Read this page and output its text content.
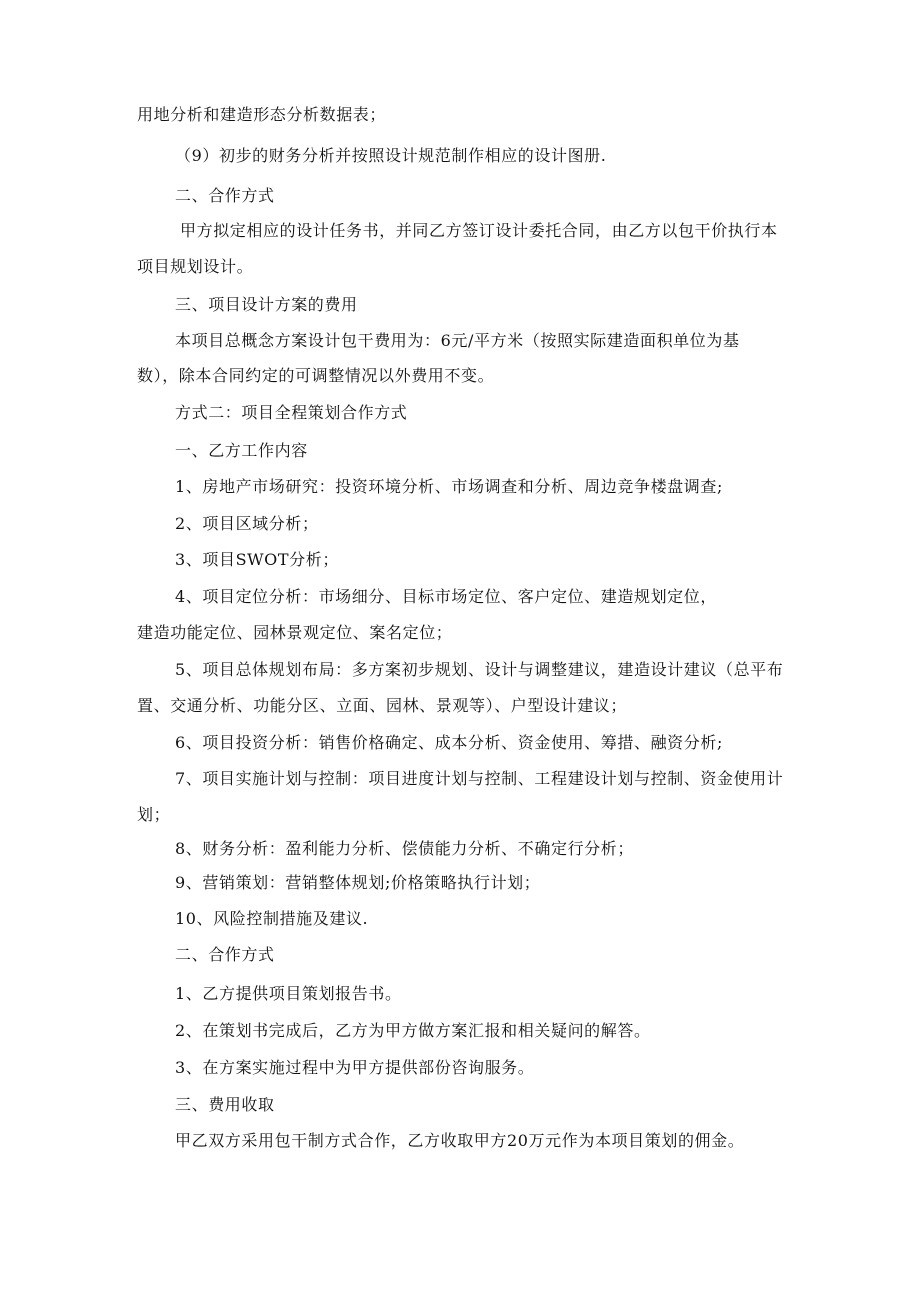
用地分析和建造形态分析数据表；
（9）初步的财务分析并按照设计规范制作相应的设计图册.
二、合作方式
甲方拟定相应的设计任务书，并同乙方签订设计委托合同，由乙方以包干价执行本
项目规划设计。
三、项目设计方案的费用
本项目总概念方案设计包干费用为：6元/平方米（按照实际建造面积单位为基
数），除本合同约定的可调整情况以外费用不变。
方式二：项目全程策划合作方式
一、乙方工作内容
1、房地产市场研究：投资环境分析、市场调查和分析、周边竞争楼盘调查;
2、项目区域分析；
3、项目SWOT分析；
4、项目定位分析：市场细分、目标市场定位、客户定位、建造规划定位，
建造功能定位、园林景观定位、案名定位；
5、项目总体规划布局：多方案初步规划、设计与调整建议，建造设计建议（总平布
置、交通分析、功能分区、立面、园林、景观等）、户型设计建议；
6、项目投资分析：销售价格确定、成本分析、资金使用、筹措、融资分析;
7、项目实施计划与控制：项目进度计划与控制、工程建设计划与控制、资金使用计
划；
8、财务分析：盈利能力分析、偿债能力分析、不确定行分析；
9、营销策划：营销整体规划;价格策略执行计划；
10、风险控制措施及建议.
二、合作方式
1、乙方提供项目策划报告书。
2、在策划书完成后，乙方为甲方做方案汇报和相关疑问的解答。
3、在方案实施过程中为甲方提供部份咨询服务。
三、费用收取
甲乙双方采用包干制方式合作，乙方收取甲方20万元作为本项目策划的佣金。
